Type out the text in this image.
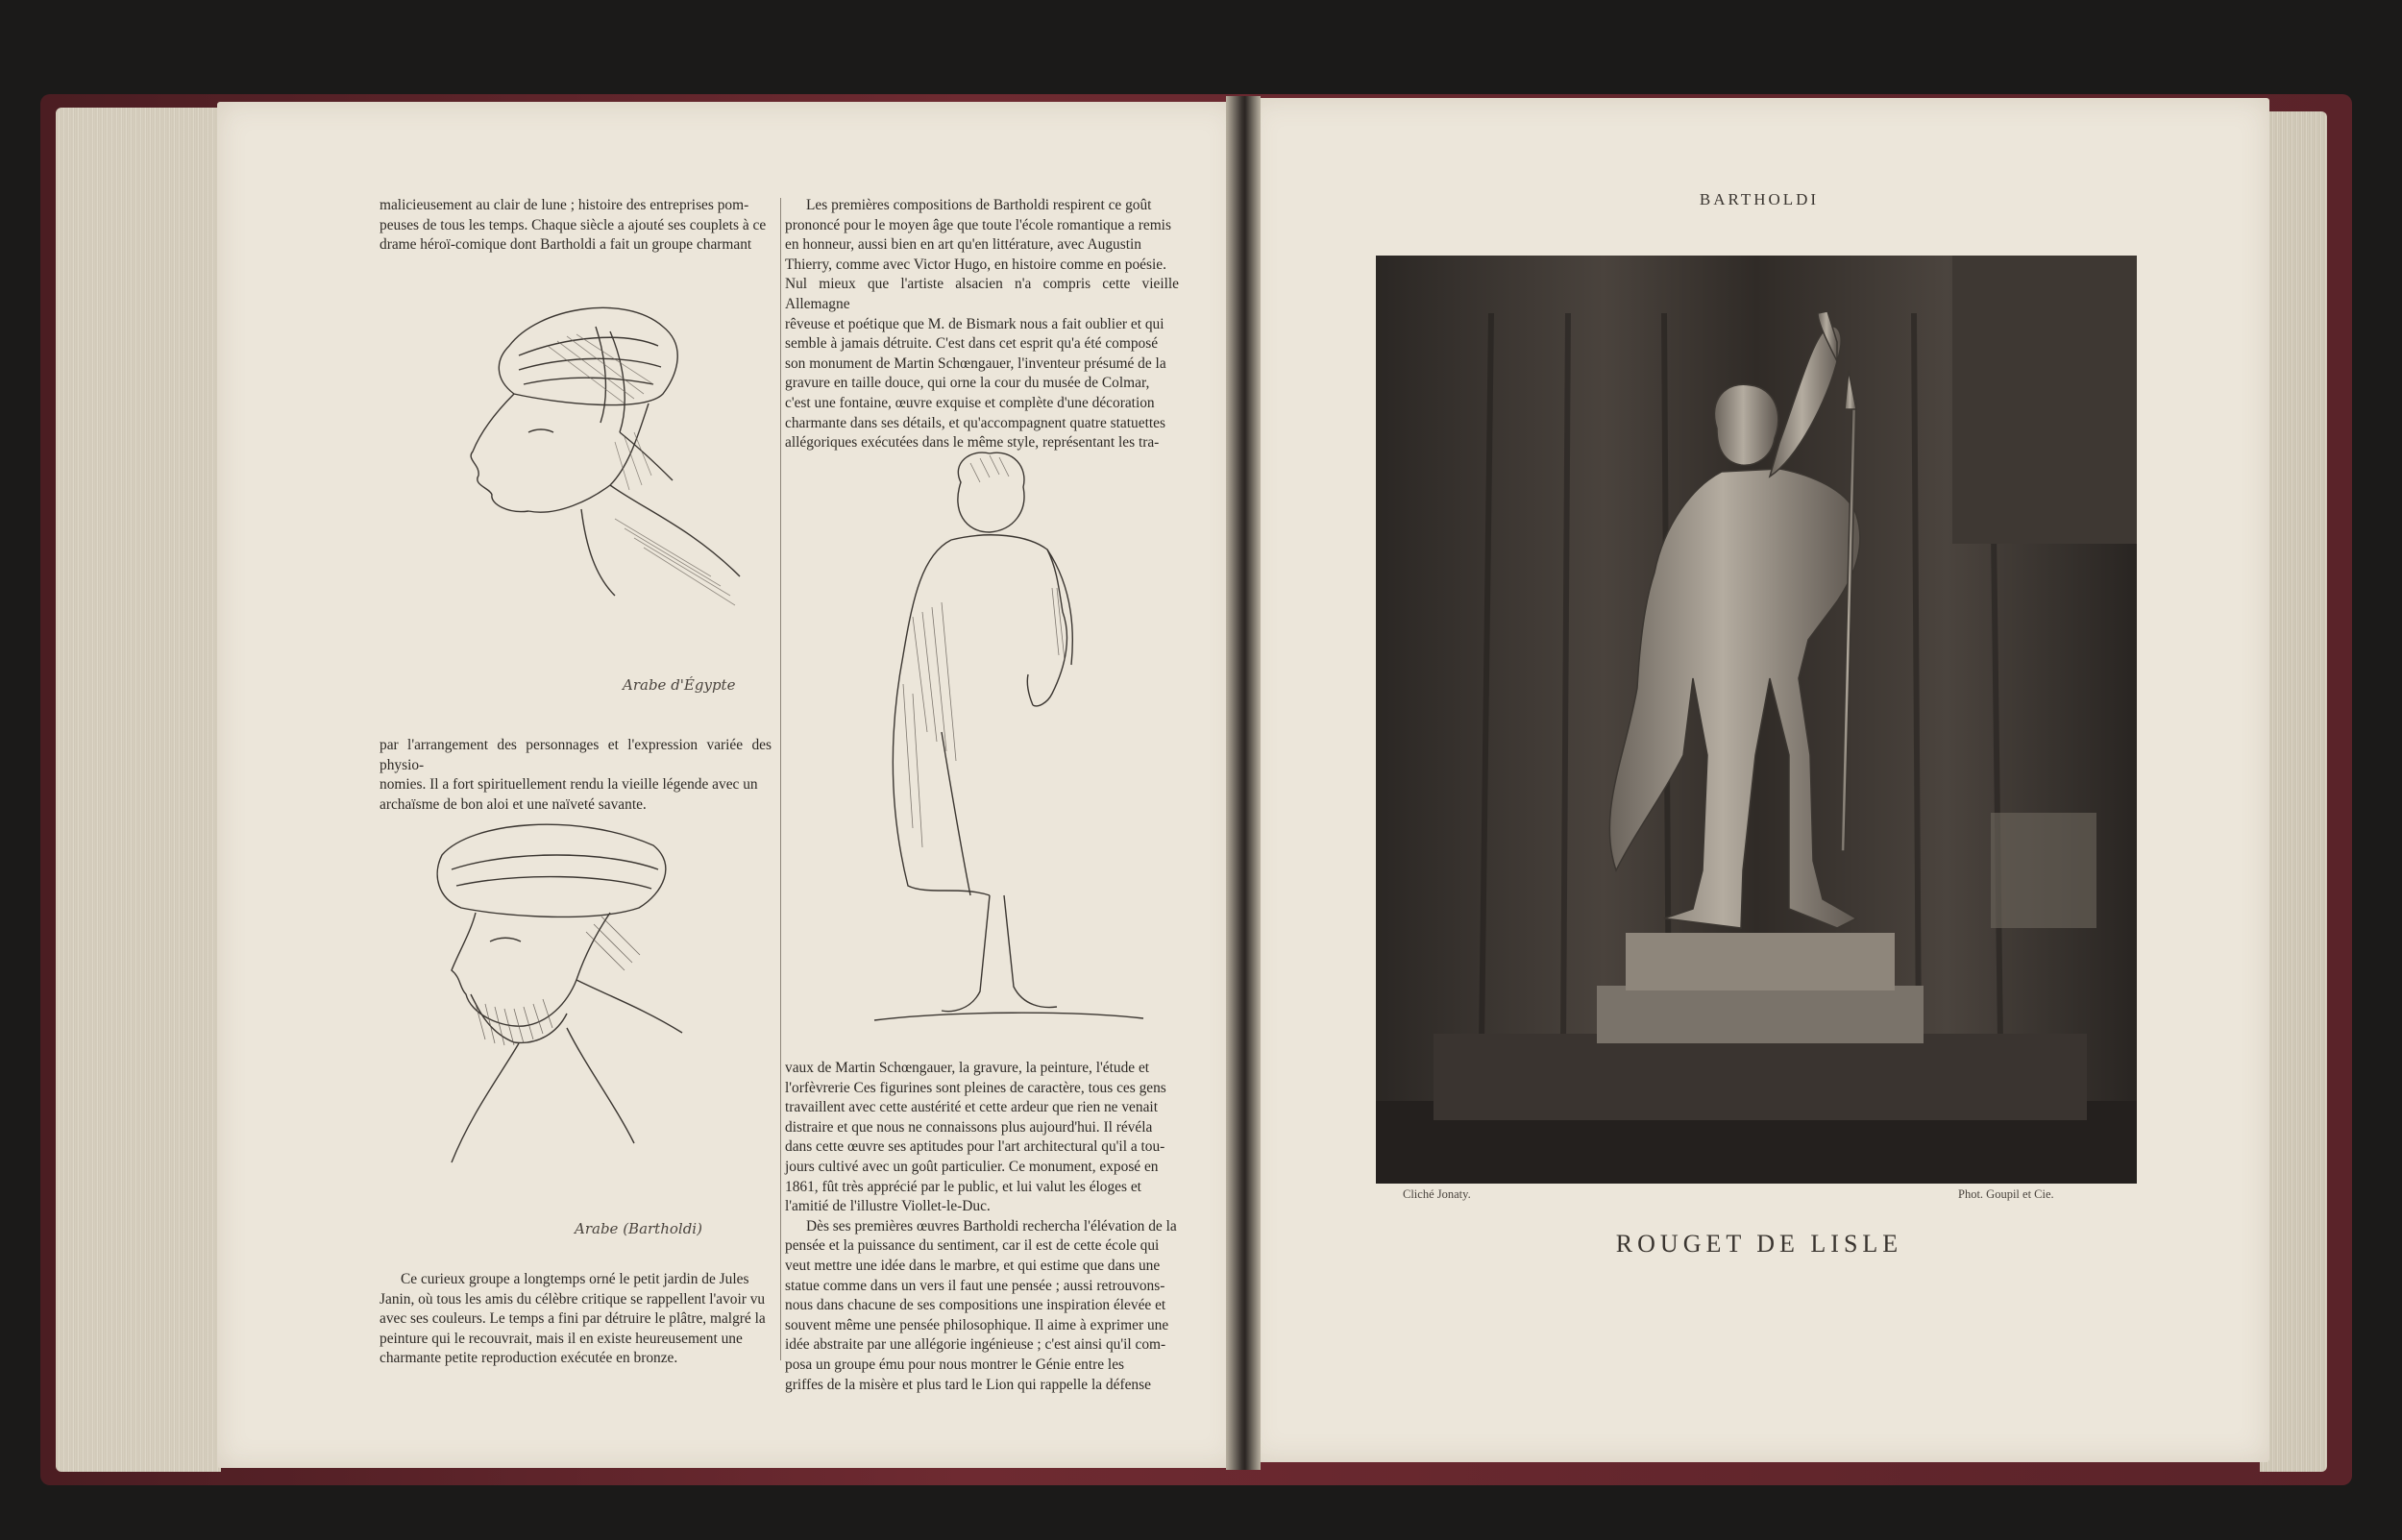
malicieusement au clair de lune ; histoire des entreprises pom-

peuses de tous les temps. Chaque siècle a ajouté ses couplets à ce

drame héroï-comique dont Bartholdi a fait un groupe charmant

Arabe d'Égypte

par l'arrangement des personnages et l'expression variée des physio-

nomies. Il a fort spirituellement rendu la vieille légende avec un

archaïsme de bon aloi et une naïveté savante.

Arabe (Bartholdi)

Ce curieux groupe a longtemps orné le petit jardin de Jules

Janin, où tous les amis du célèbre critique se rappellent l'avoir vu

avec ses couleurs. Le temps a fini par détruire le plâtre, malgré la

peinture qui le recouvrait, mais il en existe heureusement une

charmante petite reproduction exécutée en bronze.

Les premières compositions de Bartholdi respirent ce goût

prononcé pour le moyen âge que toute l'école romantique a remis

en honneur, aussi bien en art qu'en littérature, avec Augustin

Thierry, comme avec Victor Hugo, en histoire comme en poésie.

Nul mieux que l'artiste alsacien n'a compris cette vieille Allemagne

rêveuse et poétique que M. de Bismark nous a fait oublier et qui

semble à jamais détruite. C'est dans cet esprit qu'a été composé

son monument de Martin Schœngauer, l'inventeur présumé de la

gravure en taille douce, qui orne la cour du musée de Colmar,

c'est une fontaine, œuvre exquise et complète d'une décoration

charmante dans ses détails, et qu'accompagnent quatre statuettes

allégoriques exécutées dans le même style, représentant les tra-

vaux de Martin Schœngauer, la gravure, la peinture, l'étude et

l'orfèvrerie Ces figurines sont pleines de caractère, tous ces gens

travaillent avec cette austérité et cette ardeur que rien ne venait

distraire et que nous ne connaissons plus aujourd'hui. Il révéla

dans cette œuvre ses aptitudes pour l'art architectural qu'il a tou-

jours cultivé avec un goût particulier. Ce monument, exposé en

1861, fût très apprécié par le public, et lui valut les éloges et

l'amitié de l'illustre Viollet-le-Duc.

Dès ses premières œuvres Bartholdi rechercha l'élévation de la

pensée et la puissance du sentiment, car il est de cette école qui

veut mettre une idée dans le marbre, et qui estime que dans une

statue comme dans un vers il faut une pensée ; aussi retrouvons-

nous dans chacune de ses compositions une inspiration élevée et

souvent même une pensée philosophique. Il aime à exprimer une

idée abstraite par une allégorie ingénieuse ; c'est ainsi qu'il com-

posa un groupe ému pour nous montrer le Génie entre les

griffes de la misère et plus tard le Lion qui rappelle la défense

BARTHOLDI
Cliché Jonaty.	Phot. Goupil et Cie.
ROUGET DE LISLE
